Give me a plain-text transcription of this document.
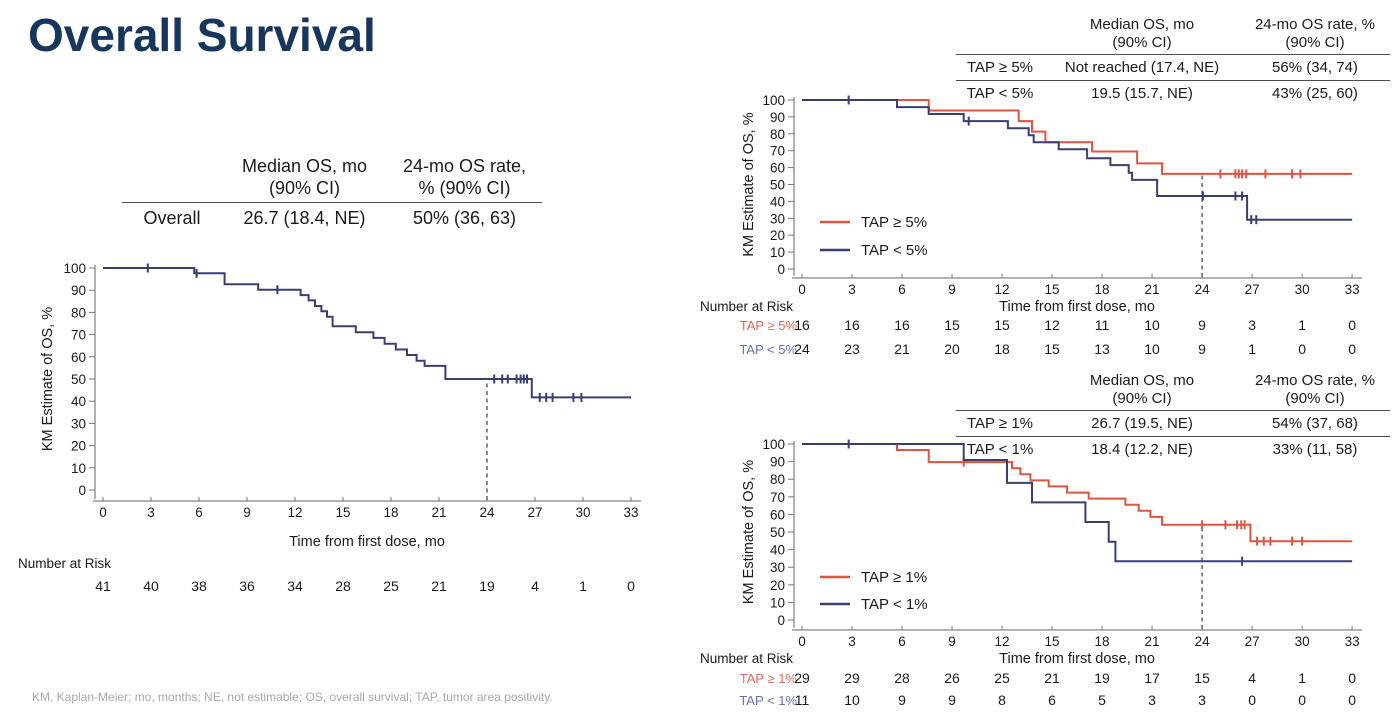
Overall Survival
0	3	6	9	12 15 18 21 24 27 30 33
0
10
20
30
40
50
60
70
80
90
100
Time from first dose, mo
KM Estimate of OS, %
Number at Risk
41 40 38 36 34 28 25 21 19	4	1	0
0	3	6	9	12	15	18	21	24	27	30	33
0
10
20
30
40
50
60
70
80
90
100
Time from first dose, mo
KM Estimate of OS, %	TAP ≥ 5%
TAP < 5%
Number at Risk
TAP ≥ 5%
16 16 16 15 15 12 11 10	9	3	1	0
TAP < 5%
24 23 21 20 18 15 13 10	9	1	0	0
0	3	6	9	12	15	18	21	24	27	30	33
0
10
20
30
40
50
60
70
80
90
100
Time from first dose, mo
KM Estimate of OS, %	TAP ≥ 1%
TAP < 1%
Number at Risk
TAP ≥ 1%
29 29 28 26 25 21 19 17 15	4	1	0
TAP < 1%
11 10	9	9	8	6	5	3	3	0	0	0

Median OS, mo
(90% CI)

24-mo OS rate,
% (90% CI)

Overall	26.7 (18.4, NE)	50% (36, 63)

Median OS, mo
(90% CI)

24-mo OS rate, %
(90% CI)

TAP ≥ 5%	Not reached (17.4, NE)	56% (34, 74)
TAP < 5%	19.5 (15.7, NE)	43% (25, 60)

Median OS, mo
(90% CI)

24-mo OS rate, %
(90% CI)

TAP ≥ 1%	26.7 (19.5, NE)	54% (37, 68)
TAP < 1%	18.4 (12.2, NE)	33% (11, 58)
KM, Kaplan-Meier; mo, months; NE, not estimable; OS, overall survival; TAP, tumor area positivity.
